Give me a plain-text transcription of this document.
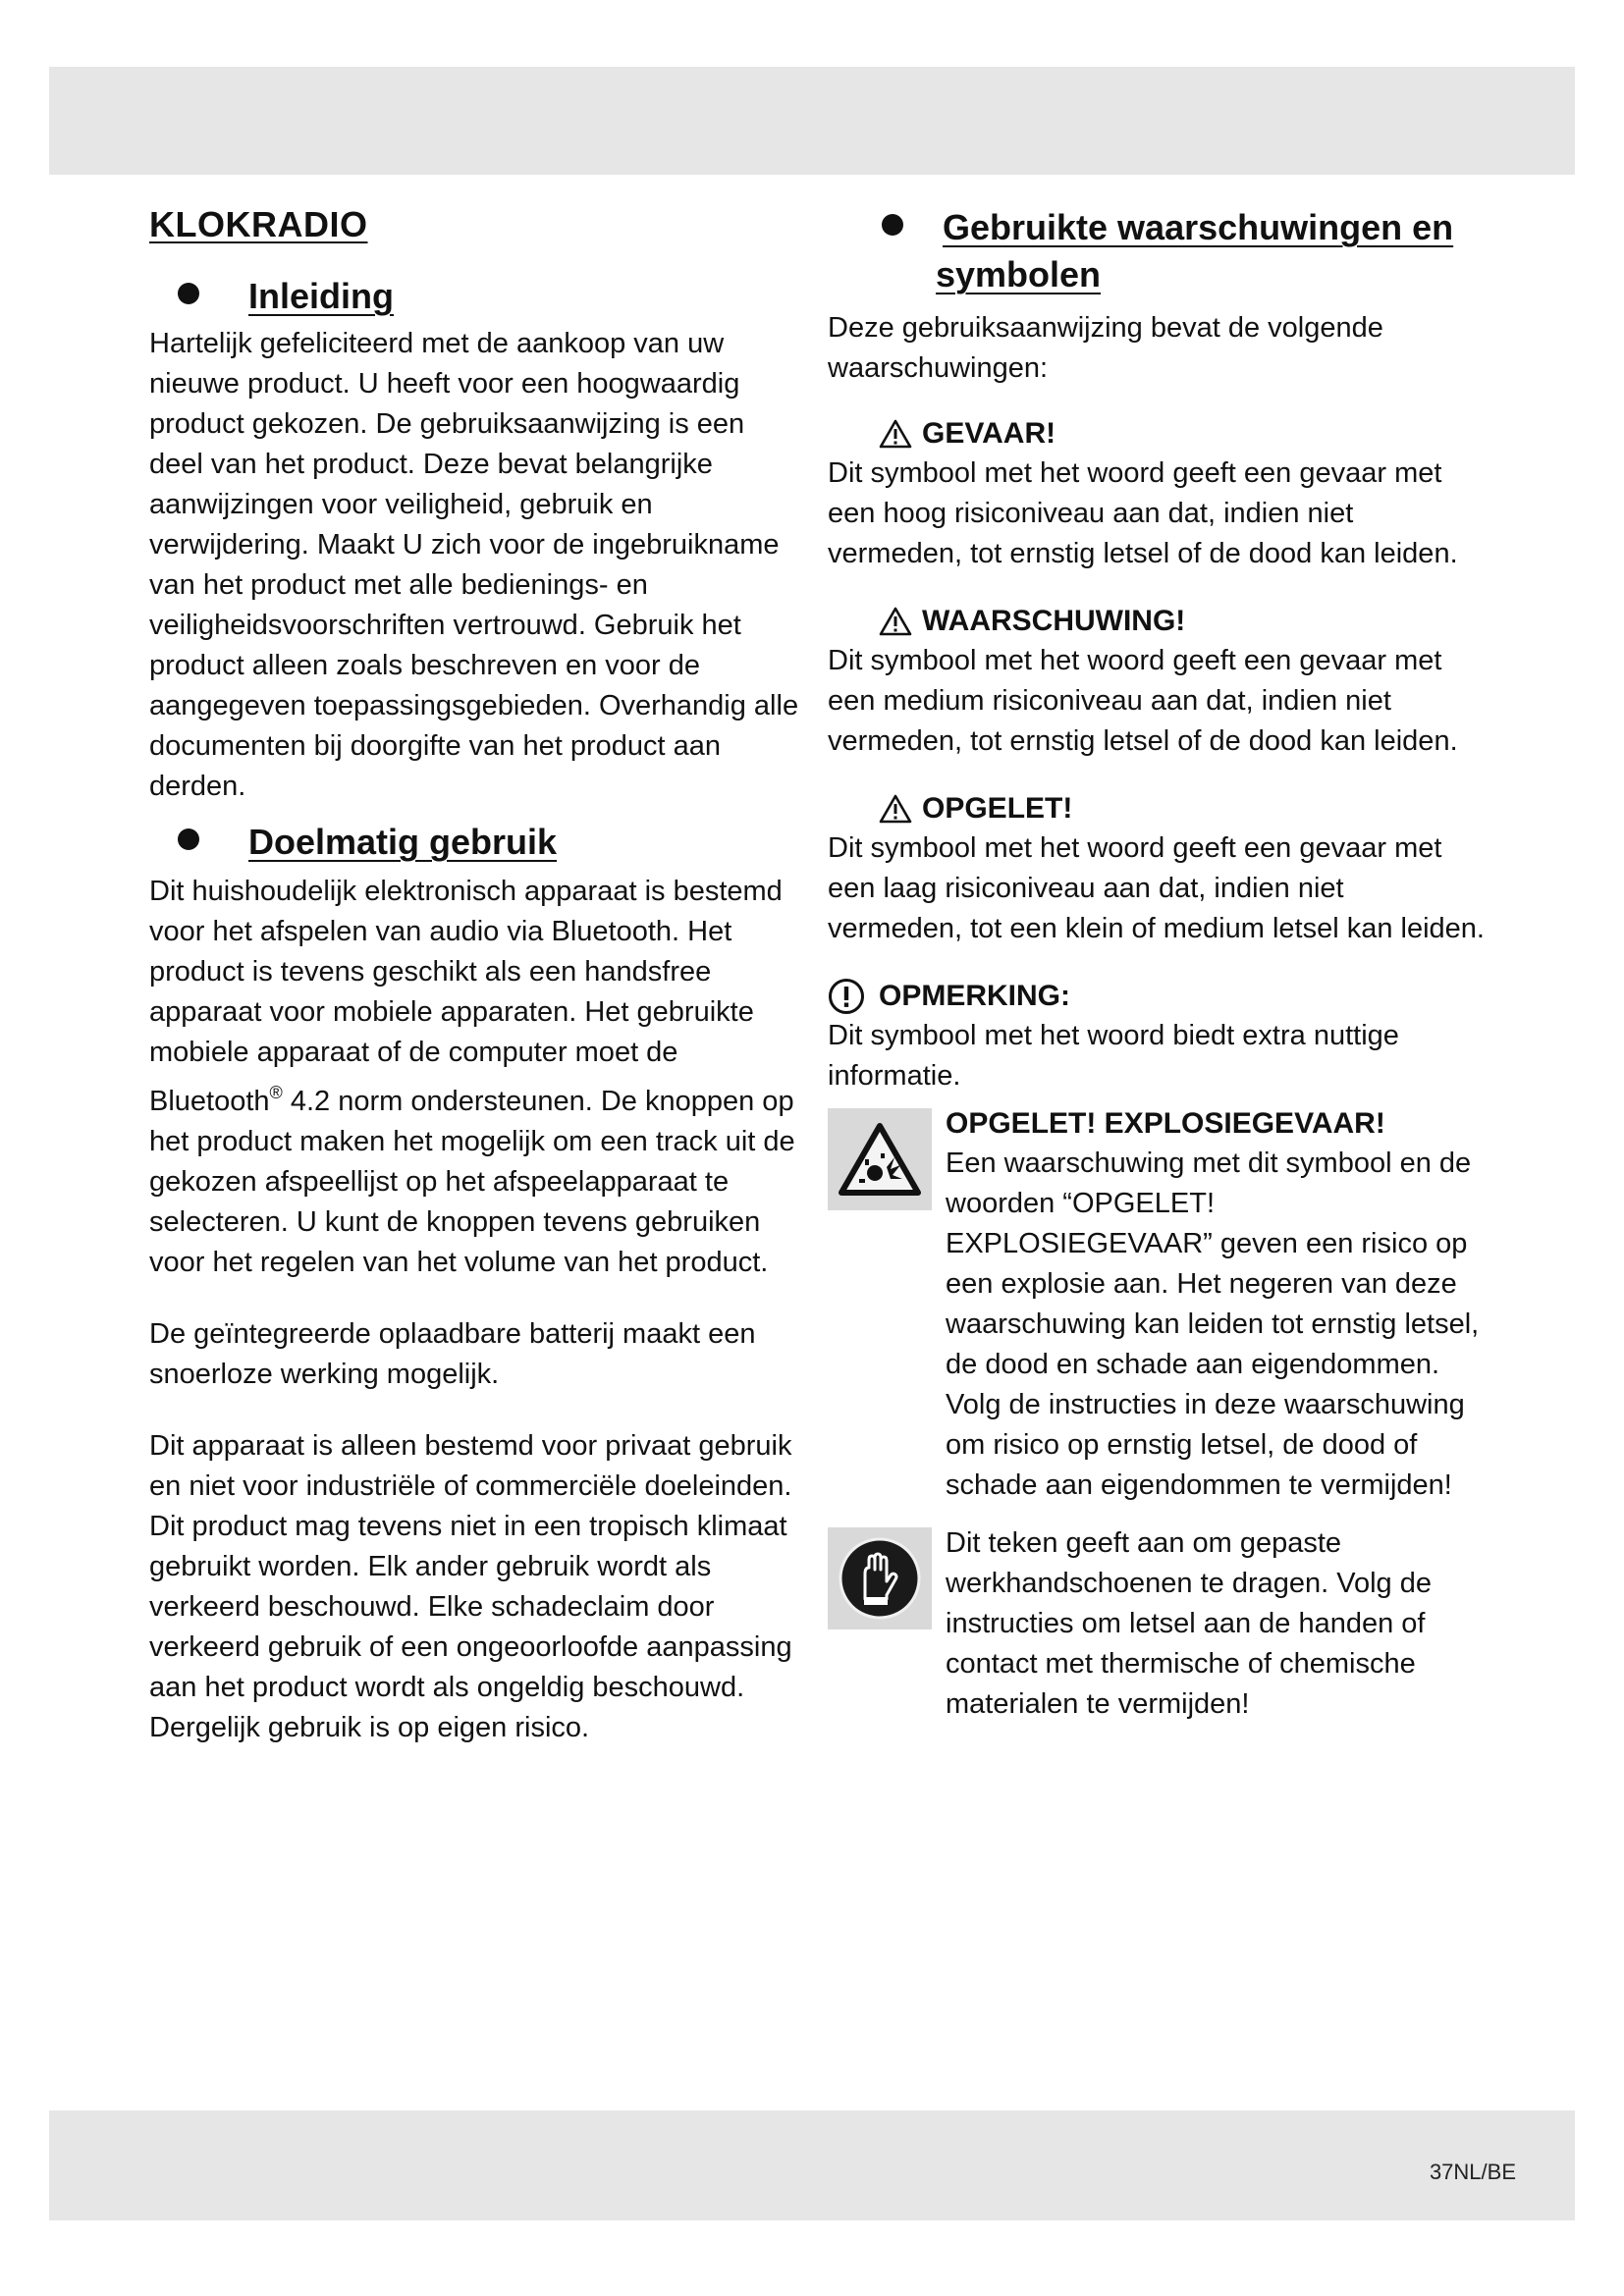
KLOKRADIO
Inleiding

Hartelijk gefeliciteerd met de aankoop van uw nieuwe product. U heeft voor een hoogwaardig product gekozen. De gebruiksaanwijzing is een deel van het product. Deze bevat belangrijke aanwijzingen voor veiligheid, gebruik en verwijdering. Maakt U zich voor de ingebruikname van het product met alle bedienings- en veiligheidsvoorschriften vertrouwd. Gebruik het product alleen zoals beschreven en voor de aangegeven toepassingsgebieden. Overhandig alle documenten bij doorgifte van het product aan derden.

Doelmatig gebruik

Dit huishoudelijk elektronisch apparaat is bestemd voor het afspelen van audio via Bluetooth. Het product is tevens geschikt als een handsfree apparaat voor mobiele apparaten. Het gebruikte mobiele apparaat of de computer moet de Bluetooth® 4.2 norm ondersteunen. De knoppen op het product maken het mogelijk om een track uit de gekozen afspeellijst op het afspeelapparaat te selecteren. U kunt de knoppen tevens gebruiken voor het regelen van het volume van het product.

De geïntegreerde oplaadbare batterij maakt een snoerloze werking mogelijk.

Dit apparaat is alleen bestemd voor privaat gebruik en niet voor industriële of commerciële doeleinden. Dit product mag tevens niet in een tropisch klimaat gebruikt worden. Elk ander gebruik wordt als verkeerd beschouwd. Elke schadeclaim door verkeerd gebruik of een ongeoorloofde aanpassing aan het product wordt als ongeldig beschouwd. Dergelijk gebruik is op eigen risico.

Gebruikte waarschuwingen en symbolen

Deze gebruiksaanwijzing bevat de volgende waarschuwingen:

GEVAAR!

Dit symbool met het woord geeft een gevaar met een hoog risiconiveau aan dat, indien niet vermeden, tot ernstig letsel of de dood kan leiden.

WAARSCHUWING!

Dit symbool met het woord geeft een gevaar met een medium risiconiveau aan dat, indien niet vermeden, tot ernstig letsel of de dood kan leiden.

OPGELET!

Dit symbool met het woord geeft een gevaar met een laag risiconiveau aan dat, indien niet vermeden, tot een klein of medium letsel kan leiden.

OPMERKING:

Dit symbool met het woord biedt extra nuttige informatie.

OPGELET! EXPLOSIEGEVAAR!

Een waarschuwing met dit symbool en de woorden “OPGELET! EXPLOSIEGEVAAR” geven een risico op een explosie aan. Het negeren van deze waarschuwing kan leiden tot ernstig letsel, de dood en schade aan eigendommen. Volg de instructies in deze waarschuwing om risico op ernstig letsel, de dood of schade aan eigendommen te vermijden!

Dit teken geeft aan om gepaste werkhandschoenen te dragen. Volg de instructies om letsel aan de handen of contact met thermische of chemische materialen te vermijden!

37NL/BE
